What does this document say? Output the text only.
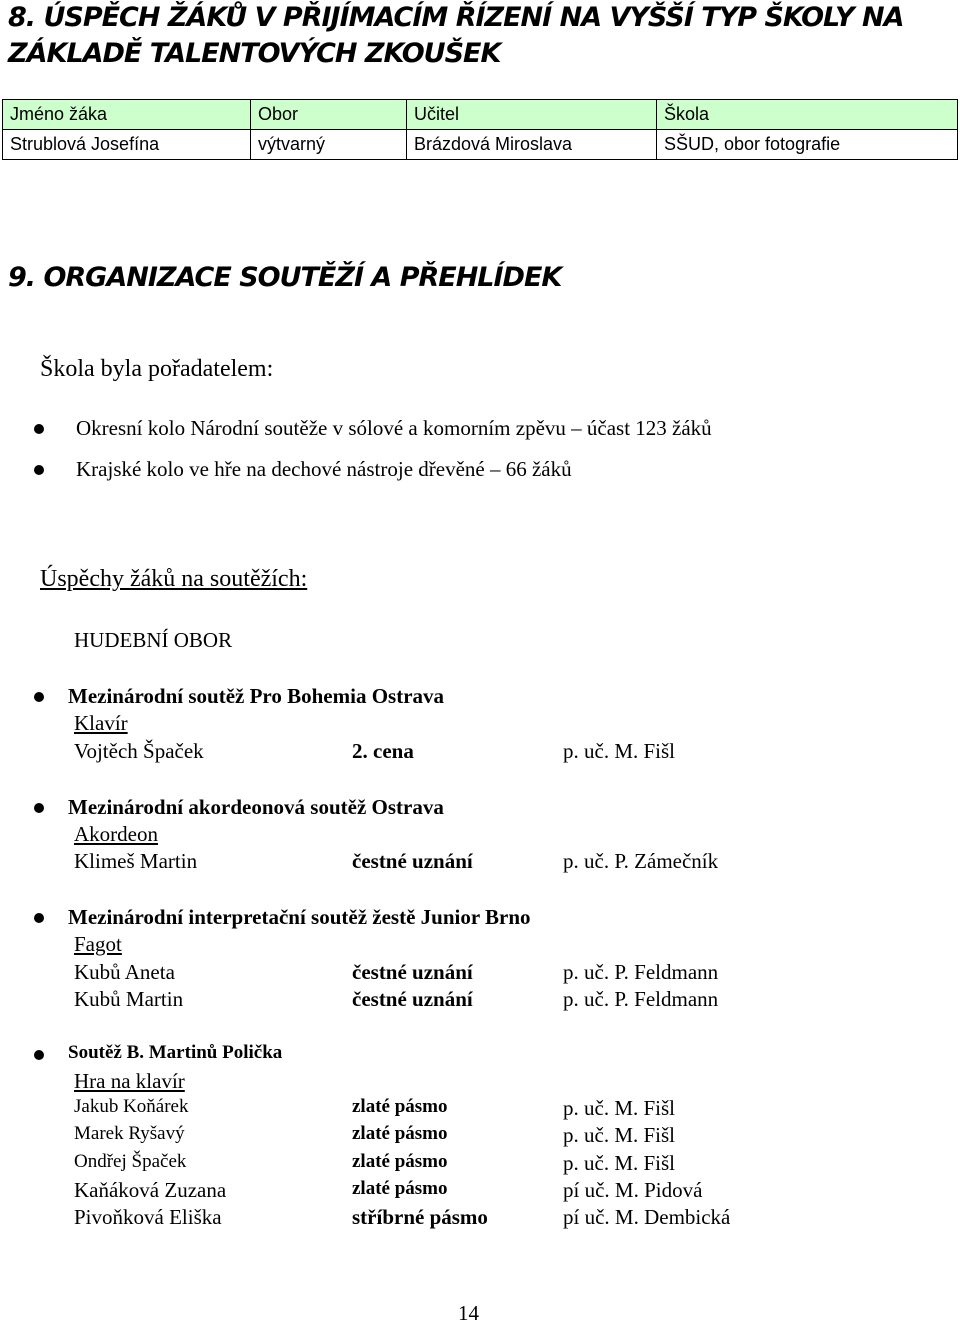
8. ÚSPĚCH ŽÁKŮ V PŘIJÍMACÍM ŘÍZENÍ NA VYŠŠÍ TYP ŠKOLY NA ZÁKLADĚ TALENTOVÝCH ZKOUŠEK
Jméno žáka	Obor	Učitel	Škola
Strublová Josefína	výtvarný	Brázdová Miroslava	SŠUD, obor fotografie
9. ORGANIZACE SOUTĚŽÍ A PŘEHLÍDEK
Škola byla pořadatelem:
Okresní kolo Národní soutěže v sólové a komorním zpěvu – účast 123 žáků
Krajské kolo ve hře na dechové nástroje dřevěné – 66 žáků
Úspěchy žáků na soutěžích:
HUDEBNÍ OBOR
Mezinárodní soutěž Pro Bohemia Ostrava
Klavír
Vojtěch Špaček	2. cena	p. uč. M. Fišl
Mezinárodní akordeonová soutěž Ostrava
Akordeon
Klimeš Martin	čestné uznání	p. uč. P. Zámečník
Mezinárodní interpretační soutěž žestě Junior Brno
Fagot
Kubů Aneta	čestné uznání	p. uč. P. Feldmann
Kubů Martin	čestné uznání	p. uč. P. Feldmann
Soutěž B. Martinů Polička
Hra na klavír
Jakub Koňárek	zlaté pásmo	p. uč. M. Fišl
Marek Ryšavý	zlaté pásmo	p. uč. M. Fišl
Ondřej Špaček	zlaté pásmo	p. uč. M. Fišl
Kaňáková Zuzana	zlaté pásmo	pí uč. M. Pidová
Pivoňková Eliška	stříbrné pásmo	pí uč. M. Dembická
14
